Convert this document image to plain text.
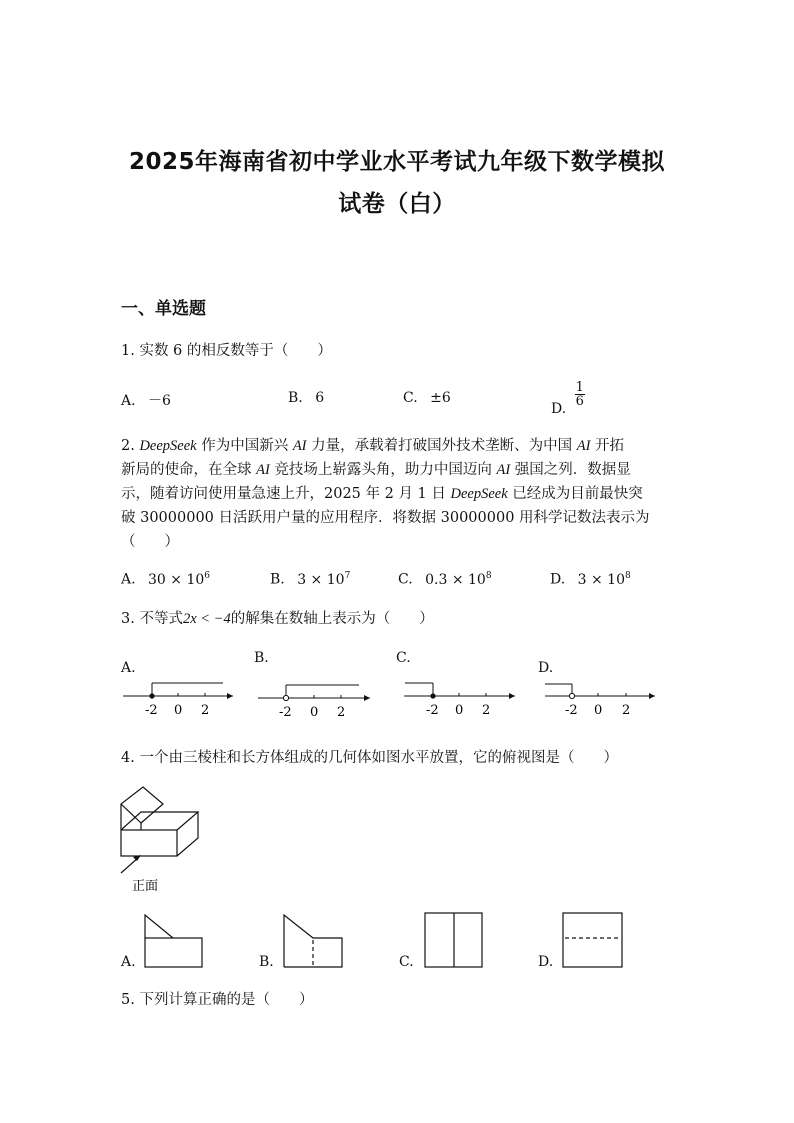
2025年海南省初中学业水平考试九年级下数学模拟
试卷（白）
一、单选题
1. 实数 6 的相反数等于（　　）
A. －6	B. 6	C. ±6
D.
$\frac{1}{6}$
2. DeepSeek 作为中国新兴 AI 力量，承载着打破国外技术垄断、为中国 AI 开拓
新局的使命，在全球 AI 竞技场上崭露头角，助力中国迈向 AI 强国之列．数据显
示，随着访问使用量急速上升，2025 年 2 月 1 日 DeepSeek 已经成为目前最快突
破 30000000 日活跃用户量的应用程序．将数据 30000000 用科学记数法表示为
（　　）
A. $30 \times 10^6$	B. $3 \times 10^7$	C. $0.3 \times 10^8$	D. $3 \times 10^8$
3. 不等式2x < −4的解集在数轴上表示为（　　）
A.
B.	C.
D.
-2 0 2	-2 0 2	-2 0 2	-2 0 2
4. 一个由三棱柱和长方体组成的几何体如图水平放置，它的俯视图是（　　）
正面
A.	B.	C.	D.
5. 下列计算正确的是（　　）
